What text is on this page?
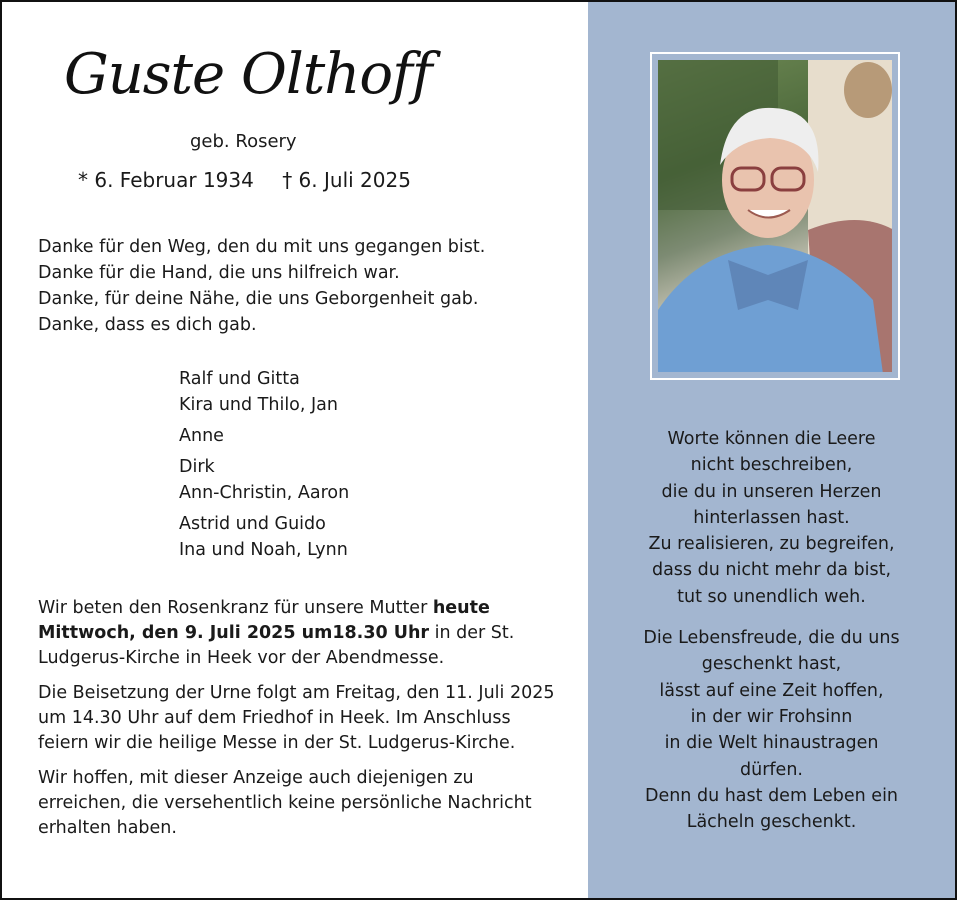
Guste Olthoff
geb. Rosery
* 6. Februar 1934 † 6. Juli 2025
Danke für den Weg, den du mit uns gegangen bist.
Danke für die Hand, die uns hilfreich war.
Danke, für deine Nähe, die uns Geborgenheit gab.
Danke, dass es dich gab.
Ralf und Gitta
Kira und Thilo, Jan
Anne
Dirk
Ann-Christin, Aaron
Astrid und Guido
Ina und Noah, Lynn

Wir beten den Rosenkranz für unsere Mutter heute Mittwoch, den 9. Juli 2025 um18.30 Uhr in der St. Ludgerus-Kirche in Heek vor der Abendmesse.

Die Beisetzung der Urne folgt am Freitag, den 11. Juli 2025 um 14.30 Uhr auf dem Friedhof in Heek. Im Anschluss feiern wir die heilige Messe in der St. Ludgerus-Kirche.

Wir hoffen, mit dieser Anzeige auch diejenigen zu erreichen, die versehentlich keine persönliche Nachricht erhalten haben.

Worte können die Leere
nicht beschreiben,
die du in unseren Herzen
hinterlassen hast.
Zu realisieren, zu begreifen,
dass du nicht mehr da bist,
tut so unendlich weh.
Die Lebensfreude, die du uns
geschenkt hast,
lässt auf eine Zeit hoffen,
in der wir Frohsinn
in die Welt hinaustragen
dürfen.
Denn du hast dem Leben ein
Lächeln geschenkt.
